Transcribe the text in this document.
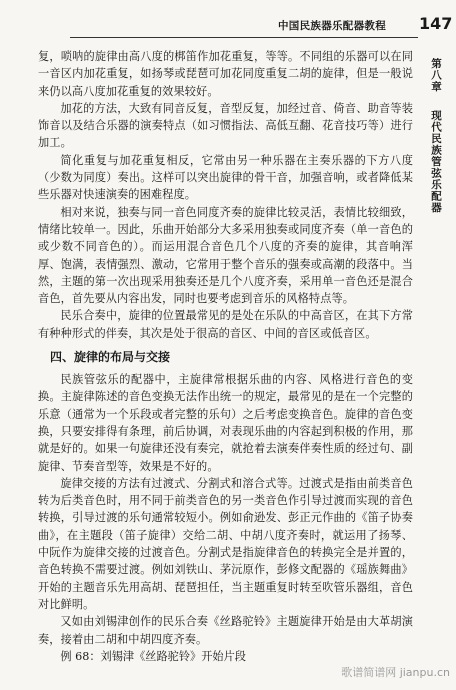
中国民族器乐配器教程	147
第八章
现代民族管弦乐配器

复，唢呐的旋律由高八度的梆笛作加花重复，等等。不同组的乐器可以在同一音区内加花重复，如扬琴或琵琶可加花同度重复二胡的旋律，但是一般说来仍以高八度加花重复的效果较好。

加花的方法，大致有同音反复，音型反复，加经过音、倚音、助音等装饰音以及结合乐器的演奏特点（如习惯指法、高低互翻、花音技巧等）进行加工。

简化重复与加花重复相反，它常由另一种乐器在主奏乐器的下方八度（少数为同度）奏出。这样可以突出旋律的骨干音，加强音响，或者降低某些乐器对快速演奏的困难程度。

相对来说，独奏与同一音色同度齐奏的旋律比较灵活，表情比较细致，情绪比较单一。因此，乐曲开始部分大多采用独奏或同度齐奏（单一音色的或少数不同音色的）。而运用混合音色几个八度的齐奏的旋律，其音响浑厚、饱满，表情强烈、激动，它常用于整个音乐的强奏或高潮的段落中。当然，主题的第一次出现采用独奏还是几个八度齐奏，采用单一音色还是混合音色，首先要从内容出发，同时也要考虑到音乐的风格特点等。

民乐合奏中，旋律的位置最常见的是处在乐队的中高音区，在其下方常有种种形式的伴奏，其次是处于很高的音区、中间的音区或低音区。

四、旋律的布局与交接

民族管弦乐的配器中，主旋律常根据乐曲的内容、风格进行音色的变换。主旋律陈述的音色变换无法作出统一的规定，最常见的是在一个完整的乐意（通常为一个乐段或者完整的乐句）之后考虑变换音色。旋律的音色变换，只要安排得有条理，前后协调，对表现乐曲的内容起到积极的作用，那就是好的。如果一句旋律还没有奏完，就抢着去演奏伴奏性质的经过句、副旋律、节奏音型等，效果是不好的。

旋律交接的方法有过渡式、分割式和溶合式等。过渡式是指由前类音色转为后类音色时，用不同于前类音色的另一类音色作引导过渡而实现的音色转换，引导过渡的乐句通常较短小。例如俞逊发、彭正元作曲的《笛子协奏曲》，在主题段（笛子旋律）交给二胡、中胡八度齐奏时，就运用了扬琴、中阮作为旋律交接的过渡音色。分割式是指旋律音色的转换完全是并置的，音色转换不需要过渡。例如刘铁山、茅沅原作，彭修文配器的《瑶族舞曲》开始的主题音乐先用高胡、琵琶担任，当主题重复时转至吹管乐器组，音色对比鲜明。

又如由刘锡津创作的民乐合奏《丝路驼铃》主题旋律开始是由大革胡演奏，接着由二胡和中胡四度齐奏。

例 68：刘锡津《丝路驼铃》开始片段

歌谱简谱网 jianpu.cn
